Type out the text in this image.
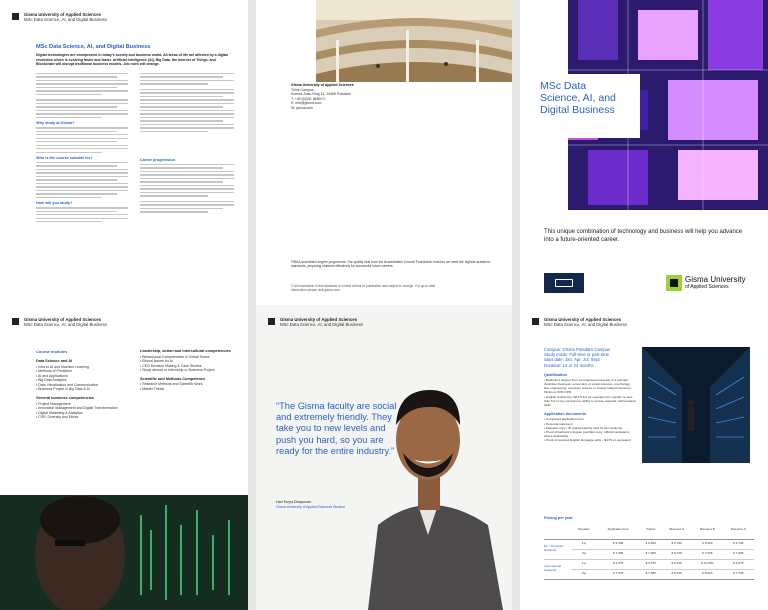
Gisma University of Applied Sciences
MSc Data Science, AI, and Digital Business
MSc Data Science, AI, and Digital Business
Digital technologies are omnipresent in today's society and business world. All areas of life are affected by a digital revolution which is evolving faster and faster. Artificial Intelligence (AI), Big Data, the Internet of Things, and Blockchain will disrupt traditional business models. Job roles will change.
Why study at Gisma?
Who is the course suitable for?
How will you study?
Gisma University of Applied Sciences
Think Campus
Konrad-Zuse-Ring 11, 14469 Potsdam
T: +49 (0)331 86820 0
E: info@gisma.com
W: gisma.com
FIBAA accredited degree programme: Our quality seal from the Accreditation Council Foundation ensures we meet the highest academic standards, preparing students effectively for successful future careers.
© All information in this factsheet is correct at time of publication and subject to change. For up-to-date information please visit gisma.com
Career progression
MSc Data
Science, AI, and
Digital Business
This unique combination of technology and business will help you advance into a future-oriented career.
Gisma University
of Applied Sciences
Gisma University of Applied Sciences
MSc Data Science, AI, and Digital Business
Course modules
Data Science and AI
• Intro to AI and Machine Learning
• Methods of Prediction
• AI and Applications
• Big Data Analytics
• Data Visualisation and Communication
• Business Project in Big Data & AI
General business competencies
• Project Management
• Innovation Management and Digital Transformation
• Digital Marketing & Analytics
• CSR, Diversity and Ethics
Leadership, action and intercultural competencies
• Behavioural Competencies in Virtual Teams
• Ethical Issues for AI
• CEO Decision Making & Case Studies
• Study abroad or Internship or Business Project
Scientific and Methods Competence
• Research Methods and Scientific Work
• Master Thesis
Gisma University of Applied Sciences
MSc Data Science, AI, and Digital Business
“The Gisma faculty are social and extremely friendly. They take you to new levels and push you hard, so you are ready for the entire industry.”
Hari Surya Divayuvan
Gisma University of Applied Sciences Student
Gisma University of Applied Sciences
MSc Data Science, AI, and Digital Business
Campus: Gisma Potsdam Campus
Study mode: Full-time or part-time
Start date: Jan, Apr, Jul, Sept
Duration: 12 or 24 months
Qualification
• Bachelor's degree from a recognised university in a relevant discipline (business, economics or social sciences, psychology, law, engineering, computer science or closely related sciences). Minimum 50% CPR.
• English proficiency: IELTS 6.5 (or equivalent) in overall, no less than 6.0 in any component. Ability to pursue required mathematical skills.
Application documents
• Completed application form
• Personal statement
• Passport copy / ID (partial identity card for EU students)
• Proof of bachelor's degree (certified copy; official translations where applicable)
• Proof of required English language skills - IELTS or equivalent
Pricing per year
	Duration	Application Fee	Tuition	Discount A	Discount B	Discount C
EU / Domestic Students	1yr	€ 9,500	€ 9,500	€ 9,790	€ 9,900	€ 9,795
	2yr	€ 7,905	€ 7,905	€ 8,075	€ 7,935	€ 7,905
International Students	1yr	€ 9,575	€ 9,575	€ 9,620	€ 10,950	€ 9,575
	2yr	€ 7,675	€ 7,850	€ 8,445	€ 8,023	€ 7,796
